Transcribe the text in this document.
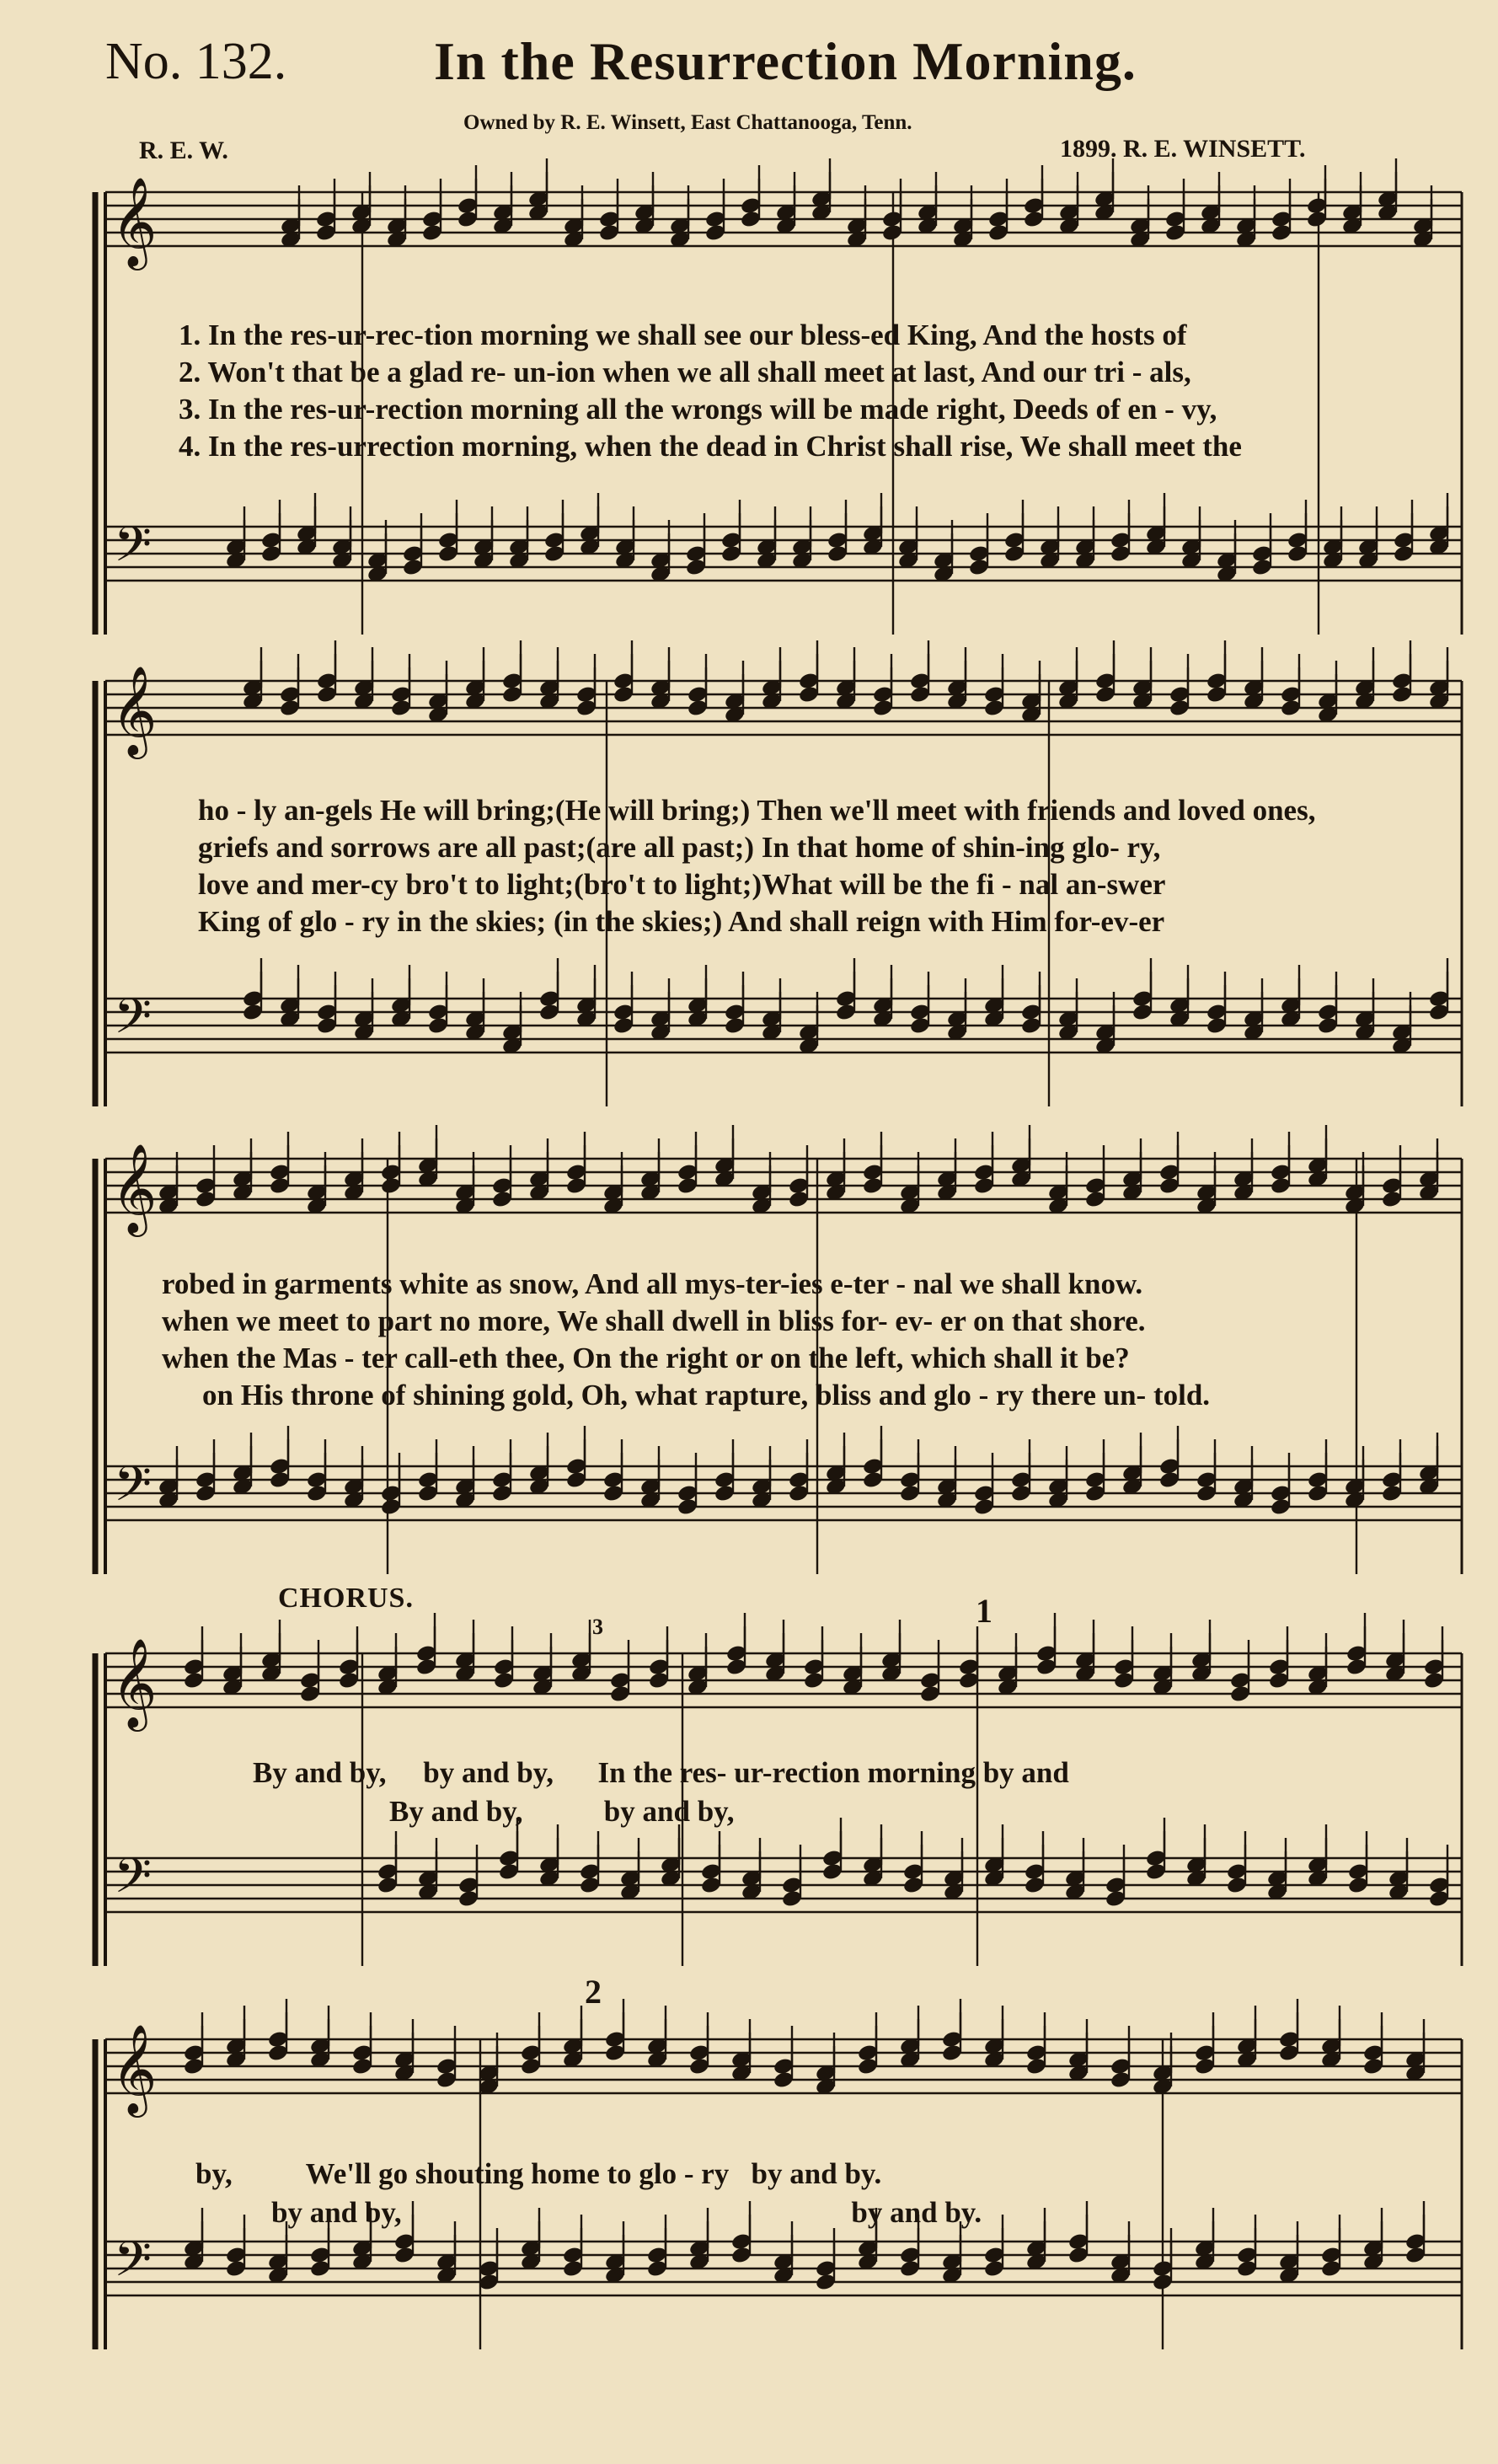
No. 132.	In the Resurrection Morning.
Owned by R. E. Winsett, East Chattanooga, Tenn.
R. E. W.	1899. R. E. WINSETT.
𝄞
𝄞
𝄞
𝄞
𝄞
𝄢
𝄢
𝄢
𝄢
𝄢
1. In the res-ur-rec-tion morning we shall see our bless-ed King, And the hosts of
2. Won't that be a glad re- un-ion when we all shall meet at last, And our tri - als,
3. In the res-ur-rection morning all the wrongs will be made right, Deeds of en - vy,
4. In the res-urrection morning, when the dead in Christ shall rise, We shall meet the
ho - ly an-gels He will bring;(He will bring;) Then we'll meet with friends and loved ones,
griefs and sorrows are all past;(are all past;) In that home of shin-ing glo- ry,
love and mer-cy bro't to light;(bro't to light;)What will be the fi - nal an-swer
King of glo - ry in the skies; (in the skies;) And shall reign with Him for-ev-er
robed in garments white as snow, And all mys-ter-ies e-ter - nal we shall know.
when we meet to part no more, We shall dwell in bliss for- ev- er on that shore.
when the Mas - ter call-eth thee, On the right or on the left, which shall it be?
on His throne of shining gold, Oh, what rapture, bliss and glo - ry there un- told.
CHORUS.
By and by,     by and by,      In the res- ur-rection morning by and
By and by,           by and by,
by,          We'll go shouting home to glo - ry   by and by.
by and by,                                                             by and by.
1
2
3
